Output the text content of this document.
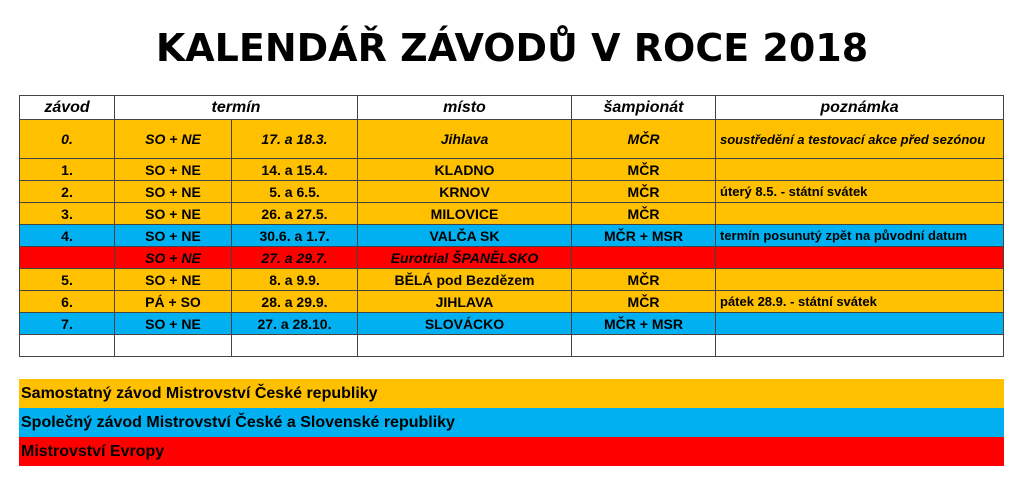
KALENDÁŘ ZÁVODŮ V ROCE 2018
závod	termín		místo	šampionát	poznámka
0.	SO + NE	17. a 18.3.	Jihlava	MČR	soustředění a testovací akce před sezónou
1.	SO + NE	14. a 15.4.	KLADNO	MČR	
2.	SO + NE	5. a 6.5.	KRNOV	MČR	úterý 8.5. - státní svátek
3.	SO + NE	26. a 27.5.	MILOVICE	MČR	
4.	SO + NE	30.6. a 1.7.	VALČA SK	MČR + MSR	termín posunutý zpět na původní datum
	SO + NE	27. a 29.7.	Eurotrial ŠPANĚLSKO		
5.	SO + NE	8. a 9.9.	BĚLÁ pod Bezdězem	MČR	
6.	PÁ + SO	28. a 29.9.	JIHLAVA	MČR	pátek 28.9. - státní svátek
7.	SO + NE	27. a 28.10.	SLOVÁCKO	MČR + MSR	

Samostatný závod Mistrovství České republiky
Společný závod Mistrovství České a Slovenské republiky
Mistrovství Evropy
